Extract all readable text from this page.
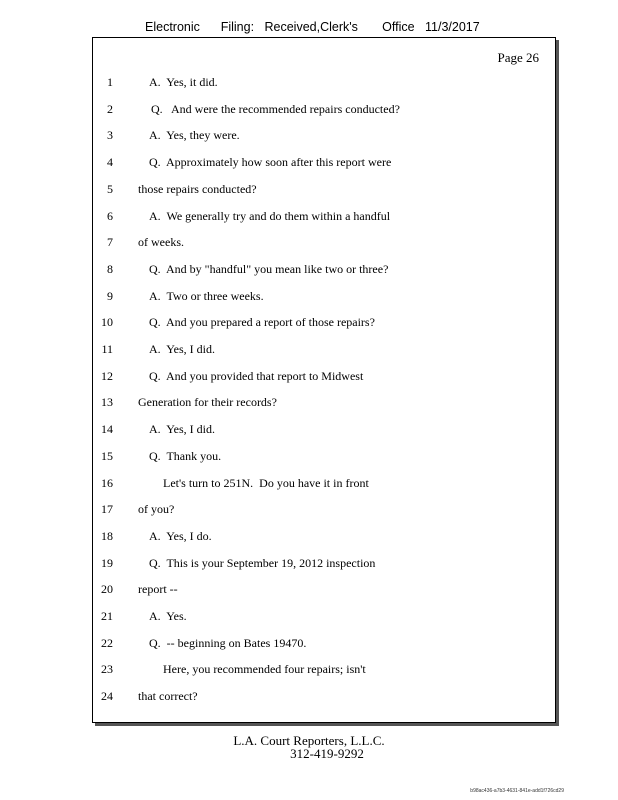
Electronic      Filing:   Received,Clerk's       Office   11/3/2017
Page 26
1	A.  Yes, it did.
2	Q.   And were the recommended repairs conducted?
3	A.  Yes, they were.
4	Q.  Approximately how soon after this report were
5 those repairs conducted?
6	A.  We generally try and do them within a handful
7 of weeks.
8	Q.  And by "handful" you mean like two or three?
9	A.  Two or three weeks.
10	Q.  And you prepared a report of those repairs?
11	A.  Yes, I did.
12	Q.  And you provided that report to Midwest
13 Generation for their records?
14	A.  Yes, I did.
15	Q.  Thank you.
16	Let's turn to 251N.  Do you have it in front
17 of you?
18	A.  Yes, I do.
19	Q.  This is your September 19, 2012 inspection
20 report --
21	A.  Yes.
22	Q.  -- beginning on Bates 19470.
23	Here, you recommended four repairs; isn't
24 that correct?
L.A. Court Reporters, L.L.C.
312-419-9292
b98ac436-a7b3-4631-841e-add1f726cd29
